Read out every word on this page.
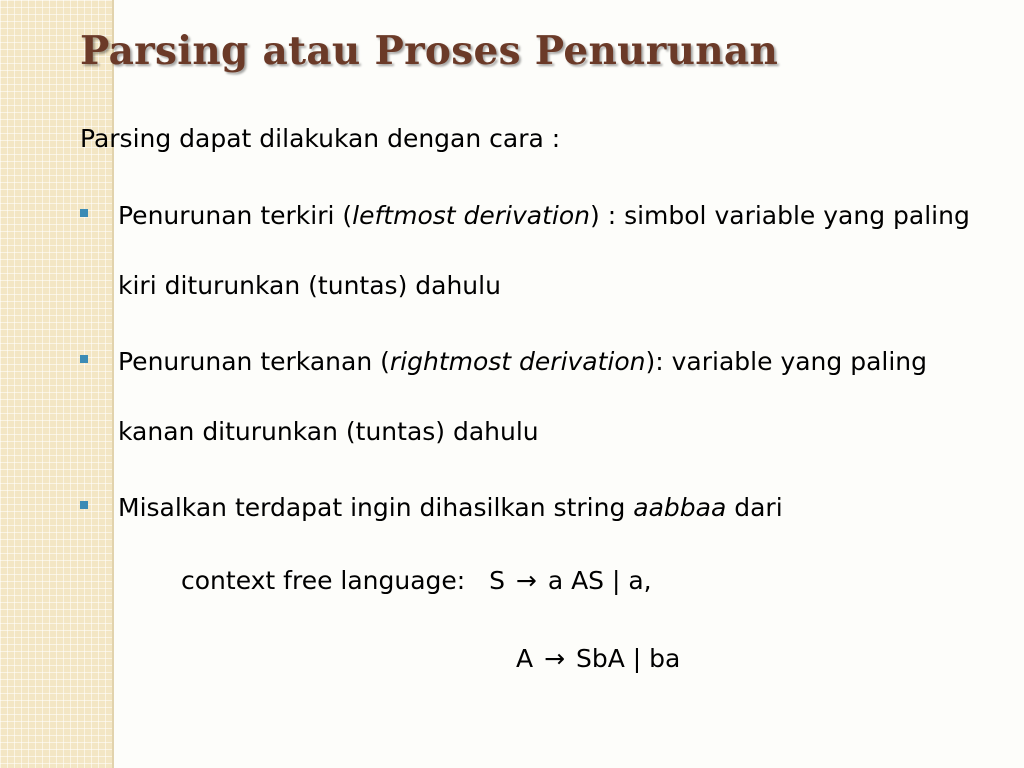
Parsing atau Proses Penurunan
Parsing dapat dilakukan dengan cara :
Penurunan terkiri (leftmost derivation) : simbol variable yang paling kiri diturunkan (tuntas) dahulu
Penurunan terkanan (rightmost derivation): variable yang paling kanan diturunkan (tuntas) dahulu
Misalkan terdapat ingin dihasilkan string aabbaa dari
context free language: S → a AS | a,
A → SbA | ba
